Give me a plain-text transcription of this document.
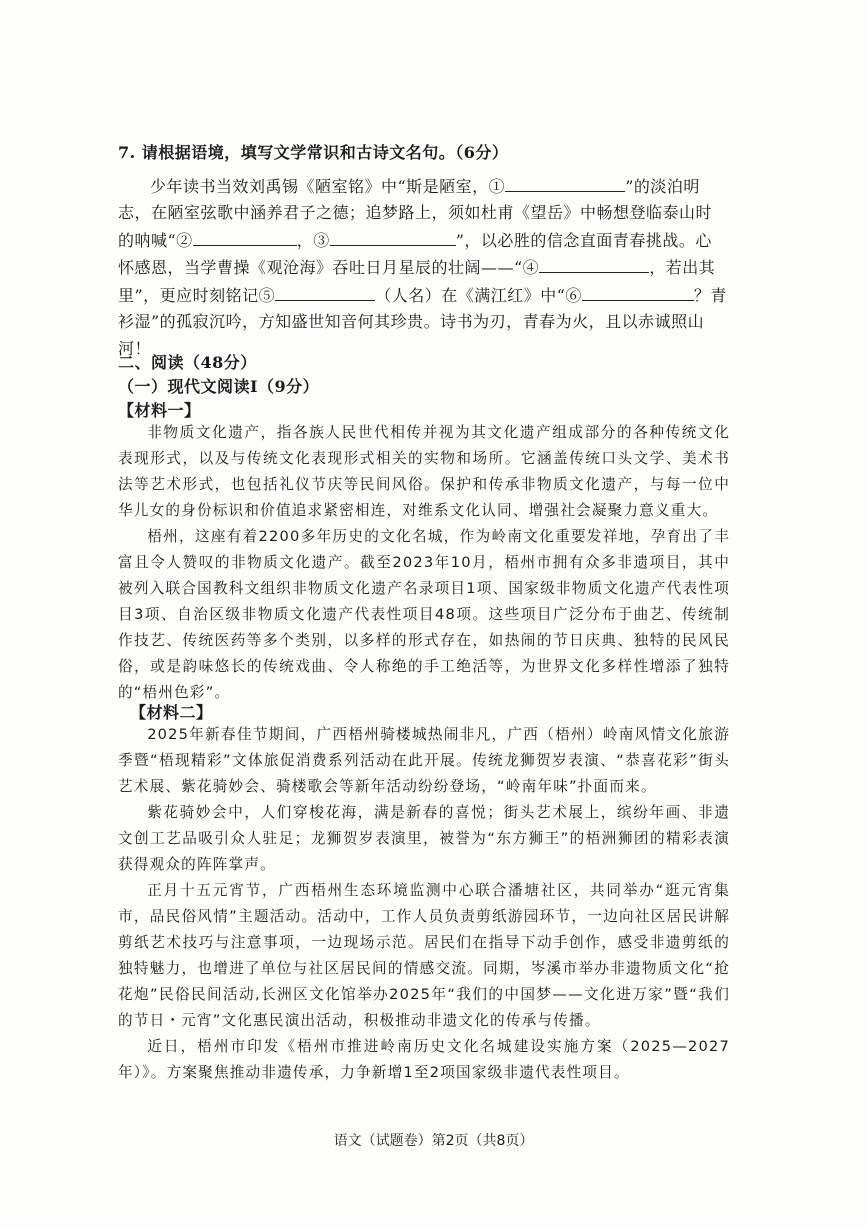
7. 请根据语境，填写文学常识和古诗文名句。（6分）

少年读书当效刘禹锡《陋室铭》中“斯是陋室，①	”的淡泊明志，在陋室弦歌中涵养君子之德；追梦路上，须如杜甫《望岳》中畅想登临泰山时的呐喊“②	，③	”，以必胜的信念直面青春挑战。心怀感恩，当学曹操《观沧海》吞吐日月星辰的壮阔——“④	，若出其里”，更应时刻铭记⑤	（人名）在《满江红》中“⑥	？青衫湿”的孤寂沉吟，方知盛世知音何其珍贵。诗书为刃，青春为火，且以赤诚照山河！

二、阅读（48分）
（一）现代文阅读Ⅰ（9分）
【材料一】

非物质文化遗产，指各族人民世代相传并视为其文化遗产组成部分的各种传统文化表现形式，以及与传统文化表现形式相关的实物和场所。它涵盖传统口头文学、美术书法等艺术形式，也包括礼仪节庆等民间风俗。保护和传承非物质文化遗产，与每一位中华儿女的身份标识和价值追求紧密相连，对维系文化认同、增强社会凝聚力意义重大。

梧州，这座有着2200多年历史的文化名城，作为岭南文化重要发祥地，孕育出了丰富且令人赞叹的非物质文化遗产。截至2023年10月，梧州市拥有众多非遗项目，其中被列入联合国教科文组织非物质文化遗产名录项目1项、国家级非物质文化遗产代表性项目3项、自治区级非物质文化遗产代表性项目48项。这些项目广泛分布于曲艺、传统制作技艺、传统医药等多个类别，以多样的形式存在，如热闹的节日庆典、独特的民风民俗，或是韵味悠长的传统戏曲、令人称绝的手工绝活等，为世界文化多样性增添了独特的“梧州色彩”。

【材料二】

2025年新春佳节期间，广西梧州骑楼城热闹非凡，广西（梧州）岭南风情文化旅游季暨“梧现精彩”文体旅促消费系列活动在此开展。传统龙狮贺岁表演、“恭喜花彩”街头艺术展、紫花骑妙会、骑楼歌会等新年活动纷纷登场，“岭南年味”扑面而来。

紫花骑妙会中，人们穿梭花海，满是新春的喜悦；街头艺术展上，缤纷年画、非遗文创工艺品吸引众人驻足；龙狮贺岁表演里，被誉为“东方狮王”的梧洲狮团的精彩表演获得观众的阵阵掌声。

正月十五元宵节，广西梧州生态环境监测中心联合潘塘社区，共同举办“逛元宵集市，品民俗风情”主题活动。活动中，工作人员负责剪纸游园环节，一边向社区居民讲解剪纸艺术技巧与注意事项，一边现场示范。居民们在指导下动手创作，感受非遗剪纸的独特魅力，也增进了单位与社区居民间的情感交流。同期，岑溪市举办非遗物质文化“抢花炮”民俗民间活动,长洲区文化馆举办2025年“我们的中国梦——文化进万家”暨“我们的节日・元宵”文化惠民演出活动，积极推动非遗文化的传承与传播。

近日，梧州市印发《梧州市推进岭南历史文化名城建设实施方案（2025—2027年）》。方案聚焦推动非遗传承，力争新增1至2项国家级非遗代表性项目。

语文（试题卷）第2页（共8页）
